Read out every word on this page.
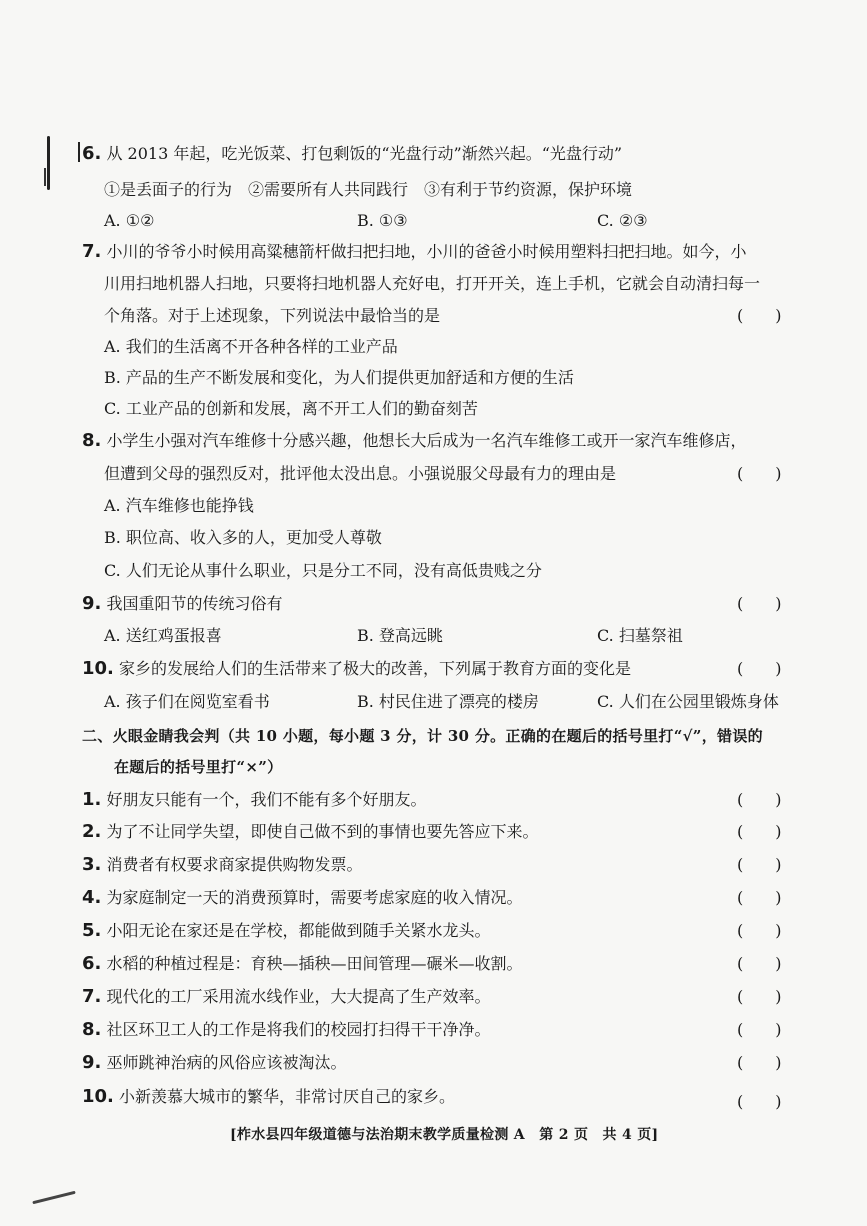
6. 从 2013 年起，吃光饭菜、打包剩饭的“光盘行动”渐然兴起。“光盘行动”
①是丢面子的行为　②需要所有人共同践行　③有利于节约资源，保护环境
A. ①②	B. ①③	C. ②③
7. 小川的爷爷小时候用高粱穗箭杆做扫把扫地，小川的爸爸小时候用塑料扫把扫地。如今，小
川用扫地机器人扫地，只要将扫地机器人充好电，打开开关，连上手机，它就会自动清扫每一
个角落。对于上述现象，下列说法中最恰当的是	(　　)
A. 我们的生活离不开各种各样的工业产品
B. 产品的生产不断发展和变化，为人们提供更加舒适和方便的生活
C. 工业产品的创新和发展，离不开工人们的勤奋刻苦
8. 小学生小强对汽车维修十分感兴趣，他想长大后成为一名汽车维修工或开一家汽车维修店，
但遭到父母的强烈反对，批评他太没出息。小强说服父母最有力的理由是	(　　)
A. 汽车维修也能挣钱
B. 职位高、收入多的人，更加受人尊敬
C. 人们无论从事什么职业，只是分工不同，没有高低贵贱之分
9. 我国重阳节的传统习俗有	(　　)
A. 送红鸡蛋报喜	B. 登高远眺	C. 扫墓祭祖
10. 家乡的发展给人们的生活带来了极大的改善，下列属于教育方面的变化是	(　　)
A. 孩子们在阅览室看书	B. 村民住进了漂亮的楼房	C. 人们在公园里锻炼身体
二、火眼金睛我会判（共 10 小题，每小题 3 分，计 30 分。正确的在题后的括号里打“√”，错误的
在题后的括号里打“×”）
1. 好朋友只能有一个，我们不能有多个好朋友。	(　　)
2. 为了不让同学失望，即使自己做不到的事情也要先答应下来。	(　　)
3. 消费者有权要求商家提供购物发票。	(　　)
4. 为家庭制定一天的消费预算时，需要考虑家庭的收入情况。	(　　)
5. 小阳无论在家还是在学校，都能做到随手关紧水龙头。	(　　)
6. 水稻的种植过程是：育秧—插秧—田间管理—碾米—收割。	(　　)
7. 现代化的工厂采用流水线作业，大大提高了生产效率。	(　　)
8. 社区环卫工人的工作是将我们的校园打扫得干干净净。	(　　)
9. 巫师跳神治病的风俗应该被淘汰。	(　　)
10. 小新羡慕大城市的繁华，非常讨厌自己的家乡。	(　　)
[柞水县四年级道德与法治期末教学质量检测 A　第 2 页　共 4 页]
